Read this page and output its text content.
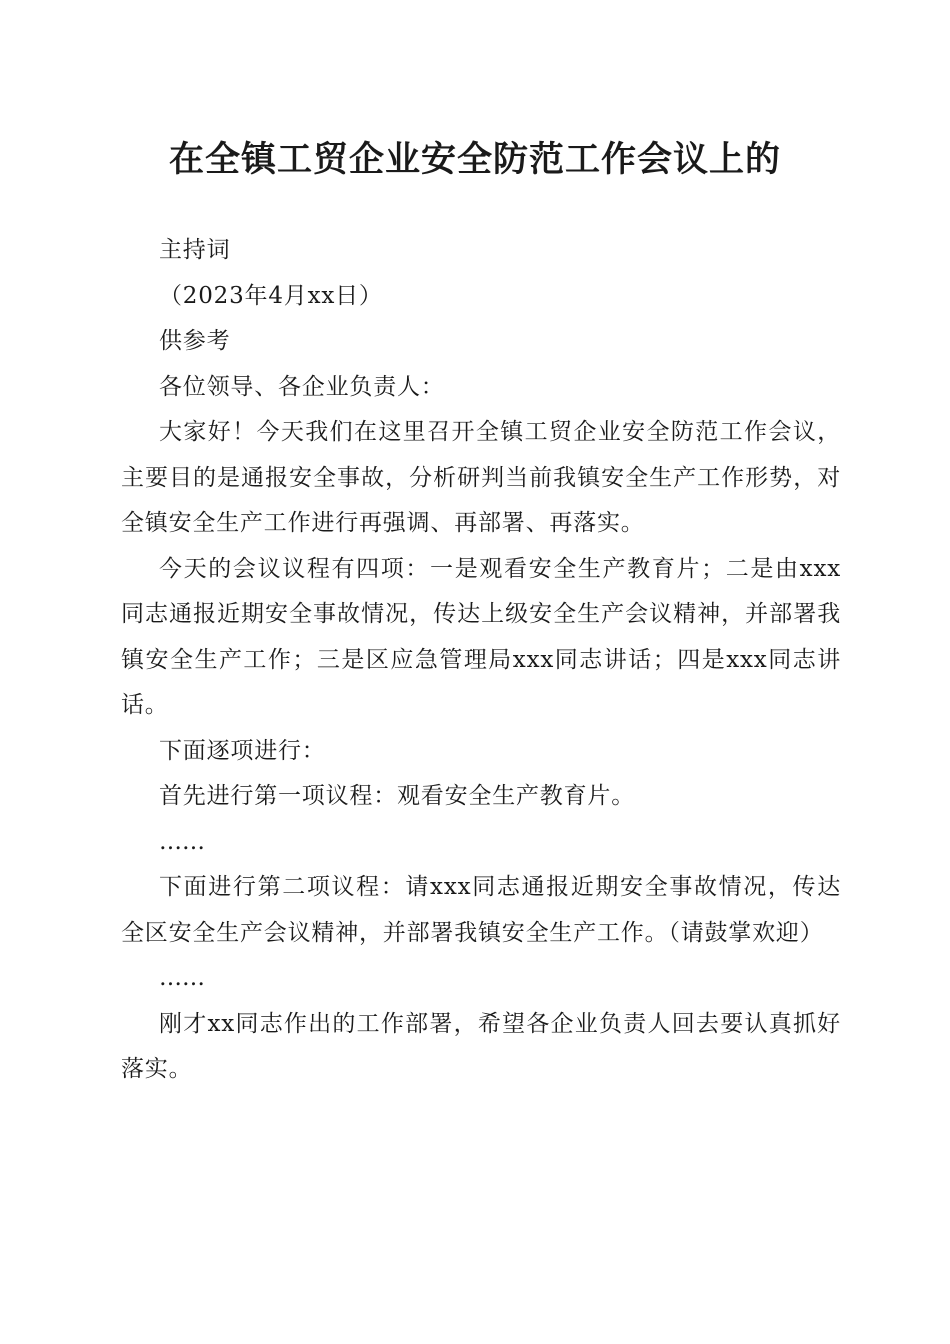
在全镇工贸企业安全防范工作会议上的

主持词

（2023年4月xx日）

供参考

各位领导、各企业负责人：

大家好！今天我们在这里召开全镇工贸企业安全防范工作会议，主要目的是通报安全事故，分析研判当前我镇安全生产工作形势，对全镇安全生产工作进行再强调、再部署、再落实。

今天的会议议程有四项：一是观看安全生产教育片；二是由xxx同志通报近期安全事故情况，传达上级安全生产会议精神，并部署我镇安全生产工作；三是区应急管理局xxx同志讲话；四是xxx同志讲话。

下面逐项进行：

首先进行第一项议程：观看安全生产教育片。

……

下面进行第二项议程：请xxx同志通报近期安全事故情况，传达全区安全生产会议精神，并部署我镇安全生产工作。（请鼓掌欢迎）

……

刚才xx同志作出的工作部署，希望各企业负责人回去要认真抓好落实。
